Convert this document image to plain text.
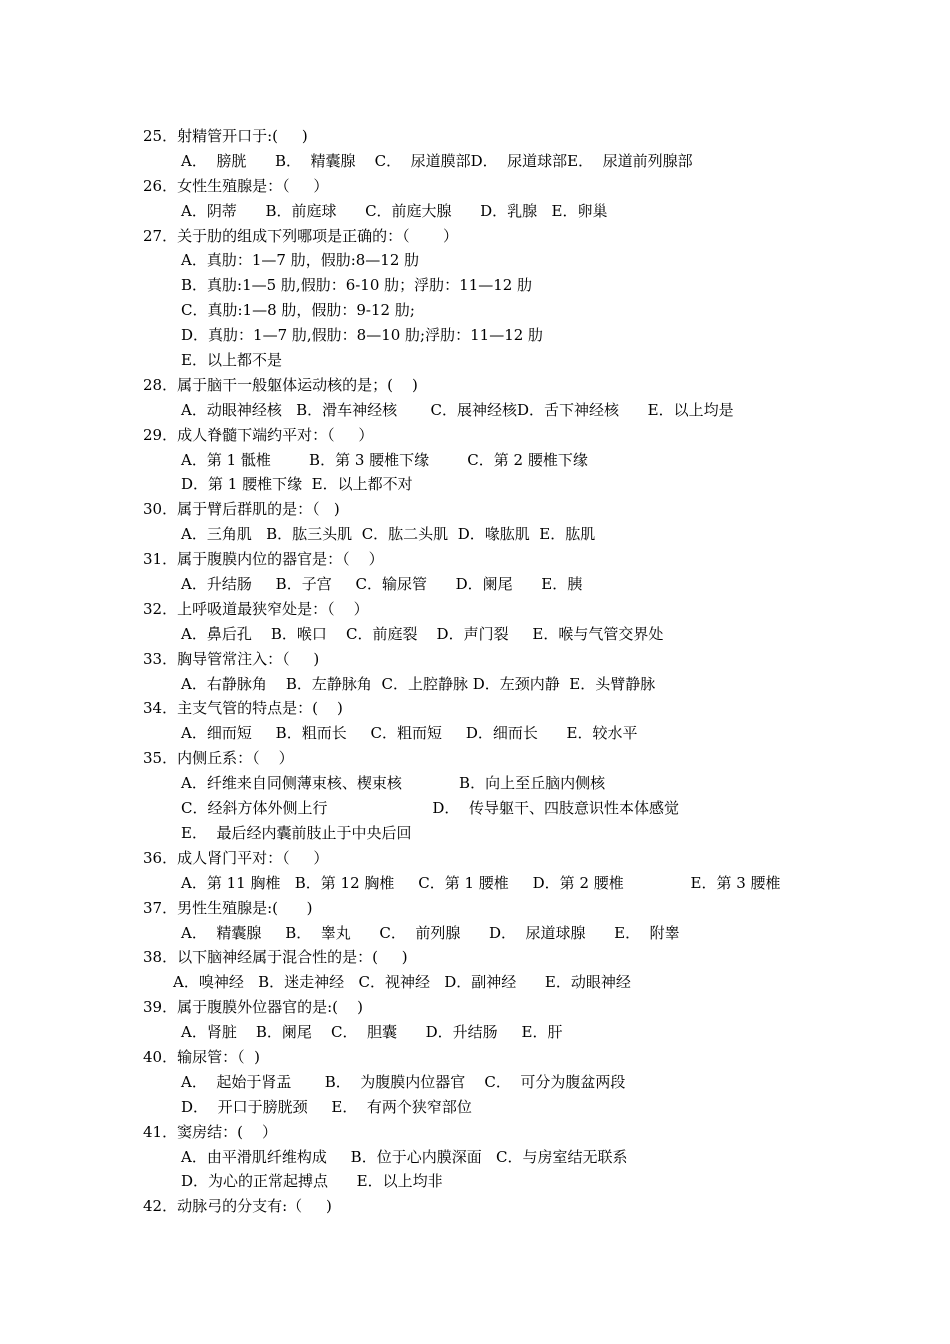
25．射精管开口于:(     )
A．  膀胱      B．  精囊腺    C．  尿道膜部D．  尿道球部E．  尿道前列腺部
26．女性生殖腺是：（     ）
A．阴蒂      B．前庭球      C．前庭大腺      D．乳腺   E．卵巢
27．关于肋的组成下列哪项是正确的：（       ）
A．真肋：1—7 肋，假肋:8—12 肋
B．真肋:1—5 肋,假肋：6-10 肋；浮肋：11—12 肋
C．真肋:1—8 肋，假肋：9-12 肋;
D．真肋：1—7 肋,假肋：8—10 肋;浮肋：11—12 肋
E．以上都不是
28．属于脑干一般躯体运动核的是；(    )
A．动眼神经核   B．滑车神经核       C．展神经核D．舌下神经核      E．以上均是
29．成人脊髓下端约平对：（     ）
A．第 1 骶椎        B．第 3 腰椎下缘        C．第 2 腰椎下缘
D．第 1 腰椎下缘  E．以上都不对
30．属于臂后群肌的是：（   )
A．三角肌   B．肱三头肌  C．肱二头肌  D．喙肱肌  E．肱肌
31．属于腹膜内位的器官是：（    ）
A．升结肠     B．子宫     C．输尿管      D．阑尾      E．胰
32．上呼吸道最狭窄处是：（    ）
A．鼻后孔    B．喉口    C．前庭裂    D．声门裂     E．喉与气管交界处
33．胸导管常注入：（     )
A．右静脉角    B．左静脉角  C．上腔静脉 D．左颈内静  E．头臂静脉
34．主支气管的特点是：(    )
A．细而短     B．粗而长     C．粗而短     D．细而长      E．较水平
35．内侧丘系：（    ）
A．纤维来自同侧薄束核、楔束核            B．向上至丘脑内侧核
C．经斜方体外侧上行                      D．  传导躯干、四肢意识性本体感觉
E．  最后经内囊前肢止于中央后回
36．成人肾门平对：（     ）
A．第 11 胸椎   B．第 12 胸椎     C．第 1 腰椎     D．第 2 腰椎              E．第 3 腰椎
37．男性生殖腺是:(      )
A．  精囊腺     B．  睾丸      C．  前列腺      D．  尿道球腺      E．  附睾
38．以下脑神经属于混合性的是：(     )
A．嗅神经   B．迷走神经   C．视神经   D．副神经      E．动眼神经
39．属于腹膜外位器官的是:(    )
A．肾脏    B．阑尾    C．  胆囊      D．升结肠     E．肝
40．输尿管：（  )
A．  起始于肾盂       B．  为腹膜内位器官    C．  可分为腹盆两段
D．  开口于膀胱颈     E．  有两个狭窄部位
41．窦房结：(    ）
A．由平滑肌纤维构成     B．位于心内膜深面   C．与房室结无联系
D．为心的正常起搏点      E．以上均非
42．动脉弓的分支有:（     )
